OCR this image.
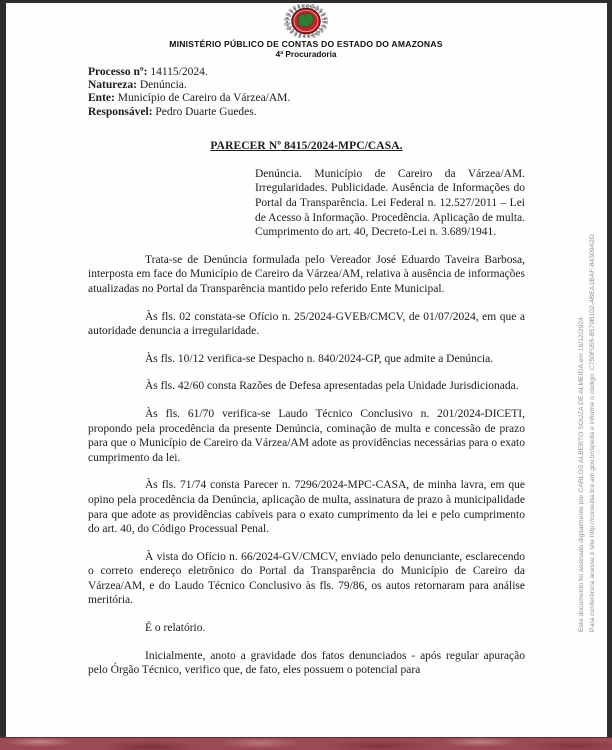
MINISTÉRIO PÚBLICO DE CONTAS DO ESTADO DO AMAZONAS
4ª Procuradoria
Processo nº: 14115/2024.
Natureza: Denúncia.
Ente: Município de Careiro da Várzea/AM.
Responsável: Pedro Duarte Guedes.
PARECER Nº 8415/2024-MPC/CASA.
Denúncia. Município de Careiro da Várzea/AM. Irregularidades. Publicidade. Ausência de Informações do Portal da Transparência. Lei Federal n. 12.527/2011 – Lei de Acesso à Informação. Procedência. Aplicação de multa. Cumprimento do art. 40, Decreto-Lei n. 3.689/1941.

Trata-se de Denúncia formulada pelo Vereador José Eduardo Taveira Barbosa, interposta em face do Município de Careiro da Várzea/AM, relativa à ausência de informações atualizadas no Portal da Transparência mantido pelo referido Ente Municipal.

Às fls. 02 constata-se Ofício n. 25/2024-GVEB/CMCV, de 01/07/2024, em que a autoridade denuncia a irregularidade.

Às fls. 10/12 verifica-se Despacho n. 840/2024-GP, que admite a Denúncia.

Às fls. 42/60 consta Razões de Defesa apresentadas pela Unidade Jurisdicionada.

Às fls. 61/70 verifica-se Laudo Técnico Conclusivo n. 201/2024-DICETI, propondo pela procedência da presente Denúncia, cominação de multa e concessão de prazo para que o Município de Careiro da Várzea/AM adote as providências necessárias para o exato cumprimento da lei.

Às fls. 71/74 consta Parecer n. 7296/2024-MPC-CASA, de minha lavra, em que opino pela procedência da Denúncia, aplicação de multa, assinatura de prazo à municipalidade para que adote as providências cabíveis para o exato cumprimento da lei e pelo cumprimento do art. 40, do Código Processual Penal.

À vista do Ofício n. 66/2024-GV/CMCV, enviado pelo denunciante, esclarecendo o correto endereço eletrônico do Portal da Transparência do Município de Careiro da Várzea/AM, e do Laudo Técnico Conclusivo às fls. 79/86, os autos retornaram para análise meritória.

É o relatório.

Inicialmente, anoto a gravidade dos fatos denunciados - após regular apuração pelo Órgão Técnico, verifico que, de fato, eles possuem o potencial para

Este documento foi assinado digitalmente por CARLOS ALBERTO SOUZA DE ALMEIDA em 16/12/2024. Para conferência acesse o site http://consulta.tce.am.gov.br/speda e informe o código: C750F055-8579B102-4BEA1BAF-84309A2D
